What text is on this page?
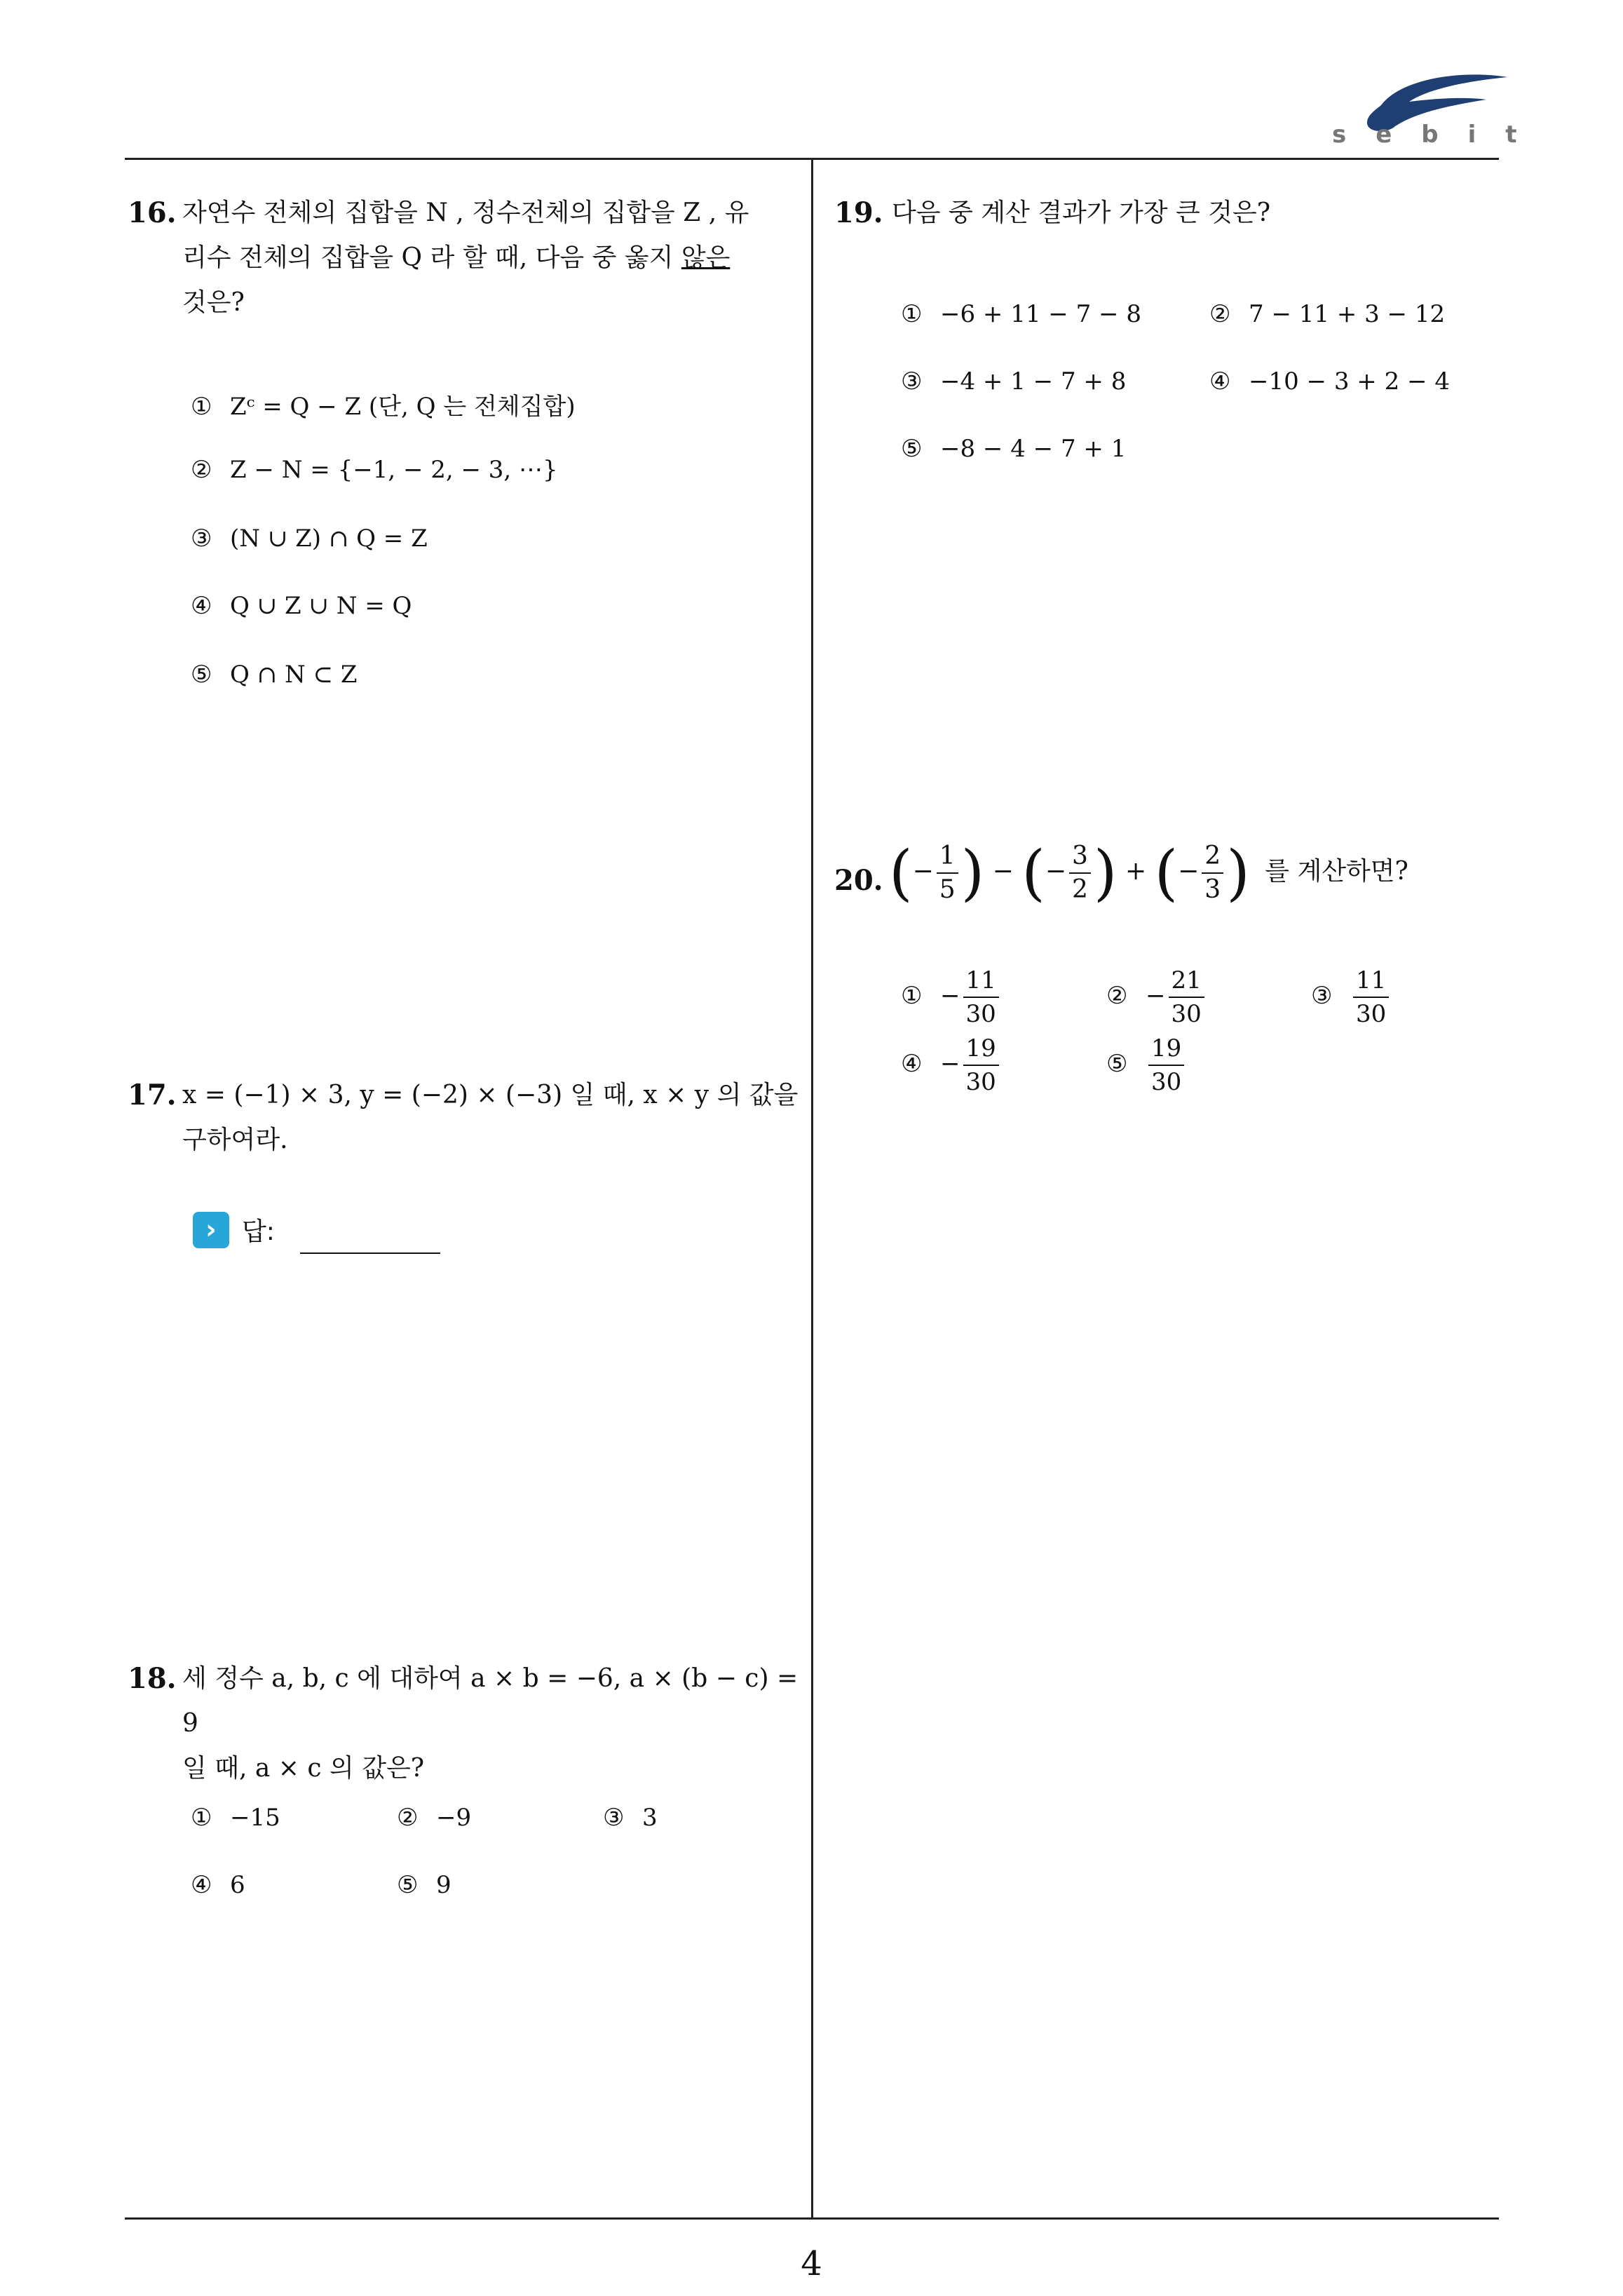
sebit
16. 자연수 전체의 집합을 N , 정수전체의 집합을 Z , 유
리수 전체의 집합을 Q 라 할 때, 다음 중 옳지 않은
것은?
① Zᶜ = Q − Z (단, Q 는 전체집합)
② Z − N = {−1, − 2, − 3, ⋯}
③ (N ∪ Z) ∩ Q = Z
④ Q ∪ Z ∪ N = Q
⑤ Q ∩ N ⊂ Z
17. x = (−1) × 3, y = (−2) × (−3) 일 때, x × y 의 값을
구하여라.
›	답:
18. 세 정수 a, b, c 에 대하여 a × b = −6, a × (b − c) = 9
일 때, a × c 의 값은?
① −15	② −9	③ 3
④ 6	⑤ 9
19. 다음 중 계산 결과가 가장 큰 것은?
① −6 + 11 − 7 − 8	② 7 − 11 + 3 − 12
③ −4 + 1 − 7 + 8	④ −10 − 3 + 2 − 4
⑤ −8 − 4 − 7 + 1
20. (− $\frac{1}{5}$ ) − (− $\frac{3}{2}$ ) + (− $\frac{2}{3}$ ) 를 계산하면?
① − $\frac{11}{30}$	② − $\frac{21}{30}$	③ $\frac{11}{30}$
④ − $\frac{19}{30}$	⑤ $\frac{19}{30}$
4
